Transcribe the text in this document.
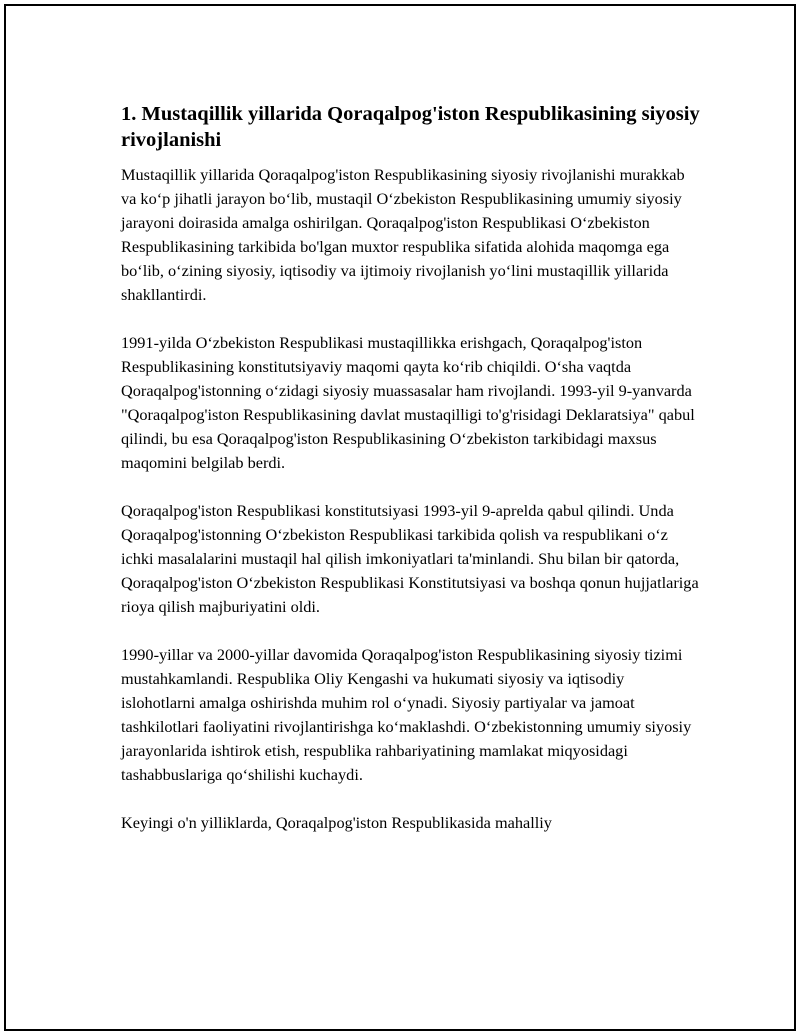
1. Mustaqillik yillarida Qoraqalpog'iston Respublikasining siyosiy rivojlanishi

Mustaqillik yillarida Qoraqalpog'iston Respublikasining siyosiy rivojlanishi murakkab va koʻp jihatli jarayon boʻlib, mustaqil Oʻzbekiston Respublikasining umumiy siyosiy jarayoni doirasida amalga oshirilgan. Qoraqalpog'iston Respublikasi Oʻzbekiston Respublikasining tarkibida bo'lgan muxtor respublika sifatida alohida maqomga ega boʻlib, oʻzining siyosiy, iqtisodiy va ijtimoiy rivojlanish yoʻlini mustaqillik yillarida shakllantirdi.

1991-yilda Oʻzbekiston Respublikasi mustaqillikka erishgach, Qoraqalpog'iston Respublikasining konstitutsiyaviy maqomi qayta koʻrib chiqildi. Oʻsha vaqtda Qoraqalpog'istonning oʻzidagi siyosiy muassasalar ham rivojlandi. 1993-yil 9-yanvarda "Qoraqalpog'iston Respublikasining davlat mustaqilligi to'g'risidagi Deklaratsiya" qabul qilindi, bu esa Qoraqalpog'iston Respublikasining Oʻzbekiston tarkibidagi maxsus maqomini belgilab berdi.

Qoraqalpog'iston Respublikasi konstitutsiyasi 1993-yil 9-aprelda qabul qilindi. Unda Qoraqalpog'istonning Oʻzbekiston Respublikasi tarkibida qolish va respublikani oʻz ichki masalalarini mustaqil hal qilish imkoniyatlari ta'minlandi. Shu bilan bir qatorda, Qoraqalpog'iston Oʻzbekiston Respublikasi Konstitutsiyasi va boshqa qonun hujjatlariga rioya qilish majburiyatini oldi.

1990-yillar va 2000-yillar davomida Qoraqalpog'iston Respublikasining siyosiy tizimi mustahkamlandi. Respublika Oliy Kengashi va hukumati siyosiy va iqtisodiy islohotlarni amalga oshirishda muhim rol oʻynadi. Siyosiy partiyalar va jamoat tashkilotlari faoliyatini rivojlantirishga koʻmaklashdi. Oʻzbekistonning umumiy siyosiy jarayonlarida ishtirok etish, respublika rahbariyatining mamlakat miqyosidagi tashabbuslariga qoʻshilishi kuchaydi.

Keyingi o'n yilliklarda, Qoraqalpog'iston Respublikasida mahalliy
